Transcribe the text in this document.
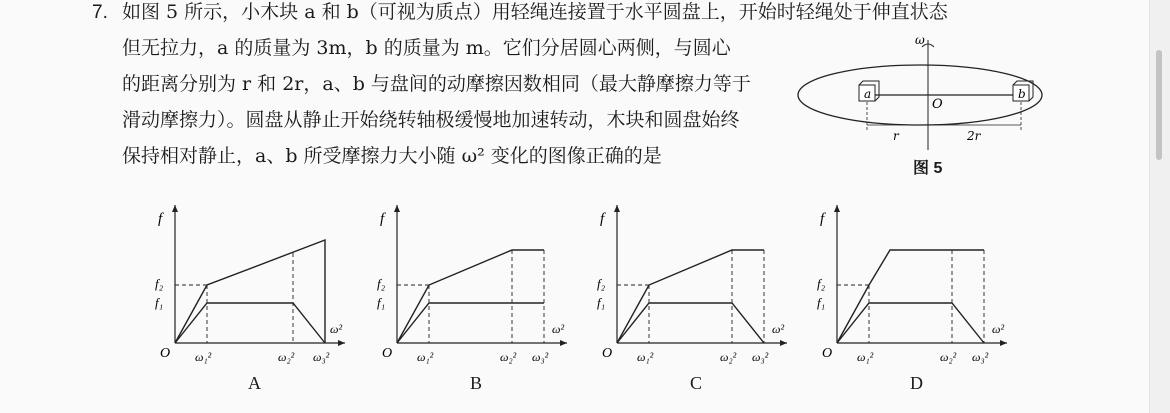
7. 如图 5 所示，小木块 a 和 b（可视为质点）用轻绳连接置于水平圆盘上，开始时轻绳处于伸直状态
但无拉力，a 的质量为 3m，b 的质量为 m。它们分居圆心两侧，与圆心
的距离分别为 r 和 2r，a、b 与盘间的动摩擦因数相同（最大静摩擦力等于
滑动摩擦力）。圆盘从静止开始绕转轴极缓慢地加速转动，木块和圆盘始终
保持相对静止，a、b 所受摩擦力大小随 ω² 变化的图像正确的是
ω
a	b
O
r	2r
图 5
f
ω²
O
f₂
f₁
ω₁²	ω₂² ω₃²
A
f
ω²
O
f₂
f₁
ω₁²	ω₂² ω₃²
B
f
ω²
O
f₂
f₁
ω₁²	ω₂² ω₃²
C
f
ω²
O
f₂
f₁
ω₁²	ω₂² ω₃²
D
